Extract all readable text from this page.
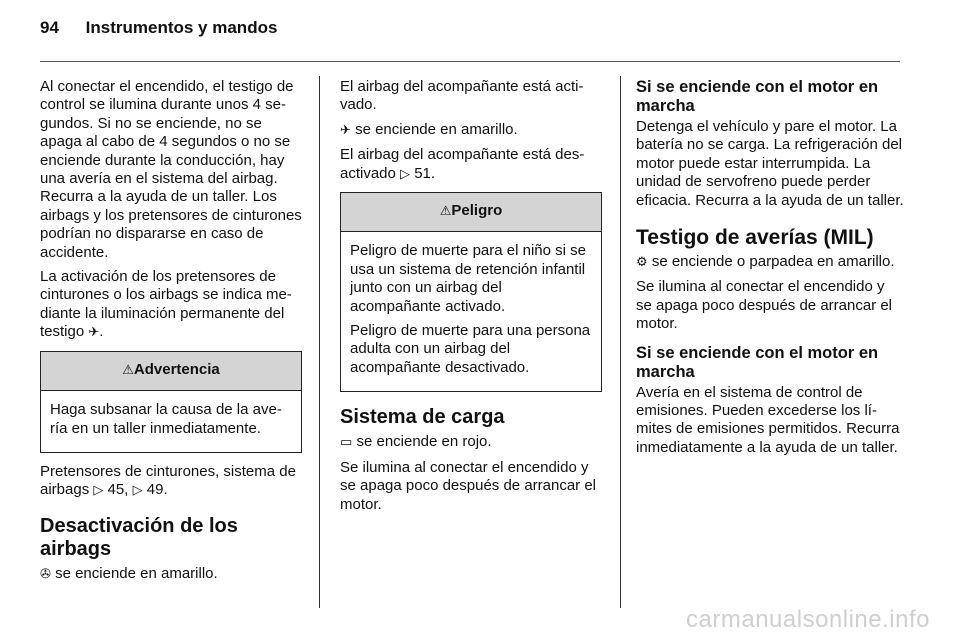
94 Instrumentos y mandos

Al conectar el encendido, el testigo de control se ilumina durante unos 4 segundos. Si no se enciende, no se apaga al cabo de 4 segundos o no se enciende durante la conducción, hay una avería en el sistema del airbag. Recurra a la ayuda de un taller. Los airbags y los pretensores de cinturones podrían no dispararse en caso de accidente.

La activación de los pretensores de cinturones o los airbags se indica mediante la iluminación permanente del testigo ✈.

⚠Advertencia

Haga subsanar la causa de la avería en un taller inmediatamente.

Pretensores de cinturones, sistema de airbags ▷ 45, ▷ 49.

Desactivación de los airbags

✇ se enciende en amarillo.

El airbag del acompañante está activado.

✈ se enciende en amarillo.

El airbag del acompañante está desactivado ▷ 51.

⚠Peligro

Peligro de muerte para el niño si se usa un sistema de retención infantil junto con un airbag del acompañante activado.

Peligro de muerte para una persona adulta con un airbag del acompañante desactivado.

Sistema de carga

▭ se enciende en rojo.

Se ilumina al conectar el encendido y se apaga poco después de arrancar el motor.

Si se enciende con el motor en marcha

Detenga el vehículo y pare el motor. La batería no se carga. La refrigeración del motor puede estar interrumpida. La unidad de servofreno puede perder eficacia. Recurra a la ayuda de un taller.

Testigo de averías (MIL)

⚙ se enciende o parpadea en amarillo.

Se ilumina al conectar el encendido y se apaga poco después de arrancar el motor.

Si se enciende con el motor en marcha

Avería en el sistema de control de emisiones. Pueden excederse los límites de emisiones permitidos. Recurra inmediatamente a la ayuda de un taller.

carmanualsonline.info
